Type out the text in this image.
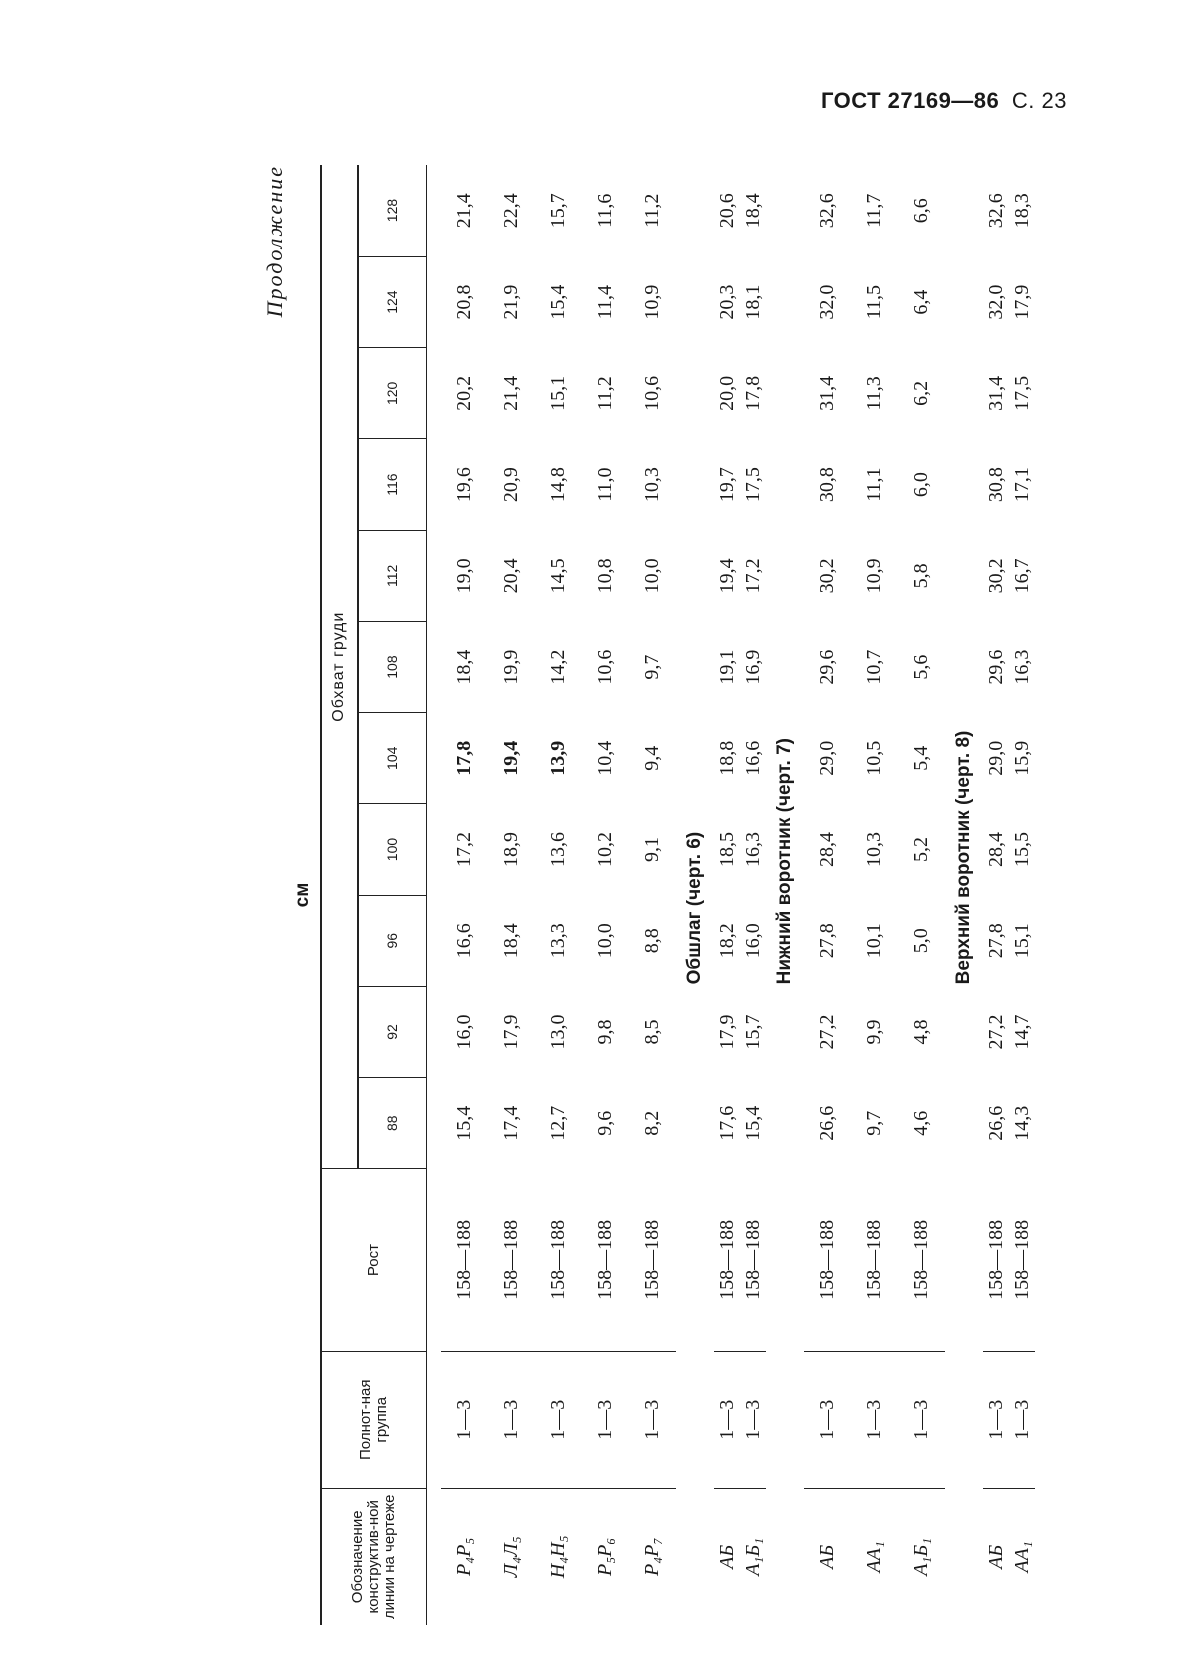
ГОСТ 27169—86 С. 23
Продолжение
см
Обозначение конструктив-ной линии на чертеже	Полнот-ная группа	Рост	Обхват груди										
			88	92	96	100	104	108	112	116	120	124	128

Р₄Р₅	1—3	158—188	15,4	16,0	16,6	17,2	17,8	18,4	19,0	19,6	20,2	20,8	21,4
Л₄Л₅	1—3	158—188	17,4	17,9	18,4	18,9	19,4	19,9	20,4	20,9	21,4	21,9	22,4
Н₄Н₅	1—3	158—188	12,7	13,0	13,3	13,6	13,9	14,2	14,5	14,8	15,1	15,4	15,7
Р₅Р₆	1—3	158—188	9,6	9,8	10,0	10,2	10,4	10,6	10,8	11,0	11,2	11,4	11,6
Р₄Р₇	1—3	158—188	8,2	8,5	8,8	9,1	9,4	9,7	10,0	10,3	10,6	10,9	11,2
					Обшлаг (черт. 6)								
АБ	1—3	158—188	17,6	17,9	18,2	18,5	18,8	19,1	19,4	19,7	20,0	20,3	20,6
А₁Б₁	1—3	158—188	15,4	15,7	16,0	16,3	16,6	16,9	17,2	17,5	17,8	18,1	18,4
					Нижний воротник (черт. 7)								
АБ	1—3	158—188	26,6	27,2	27,8	28,4	29,0	29,6	30,2	30,8	31,4	32,0	32,6
АА₁	1—3	158—188	9,7	9,9	10,1	10,3	10,5	10,7	10,9	11,1	11,3	11,5	11,7
А₁Б₁	1—3	158—188	4,6	4,8	5,0	5,2	5,4	5,6	5,8	6,0	6,2	6,4	6,6
					Верхний воротник (черт. 8)								
АБ	1—3	158—188	26,6	27,2	27,8	28,4	29,0	29,6	30,2	30,8	31,4	32,0	32,6
АА₁	1—3	158—188	14,3	14,7	15,1	15,5	15,9	16,3	16,7	17,1	17,5	17,9	18,3
